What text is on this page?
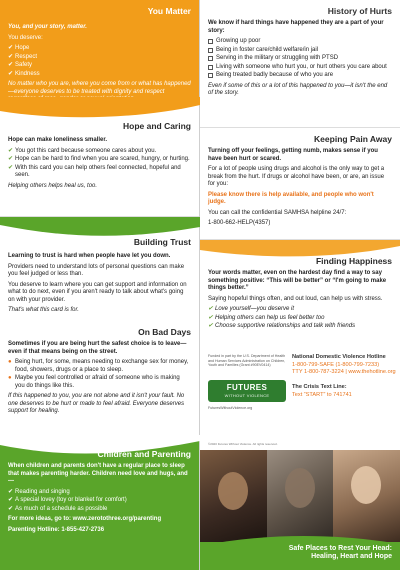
You Matter

You, and your story, matter.

You deserve:

✔ Hope
✔ Respect
✔ Safety
✔ Kindness

No matter who you are, where you come from or what has happened—everyone deserves to be treated with dignity and respect

Hope and Caring

Hope can make loneliness smaller.

✔ You got this card because someone cares about you.
✔ Hope can be hard to find when you are scared, hungry, or hurting.
✔ With this card you can help others feel connected, hopeful and seen.

Helping others helps heal us, too.

Building Trust

Learning to trust is hard when people have let you down.

Providers need to understand lots of personal questions can make you feel judged or less than.

You deserve to learn where you can get support and information on what to do next, even if you aren't ready to talk about what's going on with your provider.

That's what this card is for.

On Bad Days

Sometimes if you are being hurt the safest choice is to leave—even if that means being on the street.

● Being hurt, for some, means needing to exchange sex for money, food, showers, drugs or a place to sleep.
● Maybe you feel controlled or afraid of someone who is making you do things like this.

If this happened to you, you are not alone and it isn't your fault. No one deserves to be hurt or made to feel afraid. Everyone deserves support for healing.

Children and Parenting

When children and parents don't have a regular place to sleep that makes parenting harder. Children need love and hugs, and—

✔ Reading and singing
✔ A special lovey (toy or blanket for comfort)
✔ As much of a schedule as possible

For more ideas, go to: www.zerotothree.org/parenting

Parenting Hotline: 1-855-427-2736

History of Hurts

We know if hard things have happened they are a part of your story:

Growing up poor
Being in foster care/child welfare/in jail
Serving in the military or struggling with PTSD
Living with someone who hurt you, or hurt others you care about
Being treated badly because of who you are

Even if some of this or a lot of this happened to you—it isn't the end of the story.

Keeping Pain Away

Turning off your feelings, getting numb, makes sense if you have been hurt or scared.

For a lot of people using drugs and alcohol is the only way to get a break from the hurt. If drugs or alcohol have been, or are, an issue for you:

Please know there is help available, and people who won't judge.

You can call the confidential SAMHSA helpline 24/7:

1-800-662-HELP(4357)

Finding Happiness

Your words matter, even on the hardest day find a way to say something positive: “This will be better” or “I'm going to make things better.”

Saying hopeful things often, and out loud, can help us with stress.

✔ Love yourself—you deserve it
✔ Helping others can help us feel better too
✔ Choose supportive relationships and talk with friends
Funded in part by the U.S. Department of Health and Human Services Administration on Children, Youth and Families (Grant #90EV0414)
FUTURES
WITHOUT VIOLENCE
FuturesWithoutViolence.org

National Domestic Violence Hotline

1-800-799-SAFE (1-800-799-7233)

TTY 1-800-787-3224 | www.thehotline.org

The Crisis Text Line:

Text “START” to 741741

©2020 Futures Without Violence. All rights reserved.
Safe Places to Rest Your Head:
Healing, Heart and Hope
